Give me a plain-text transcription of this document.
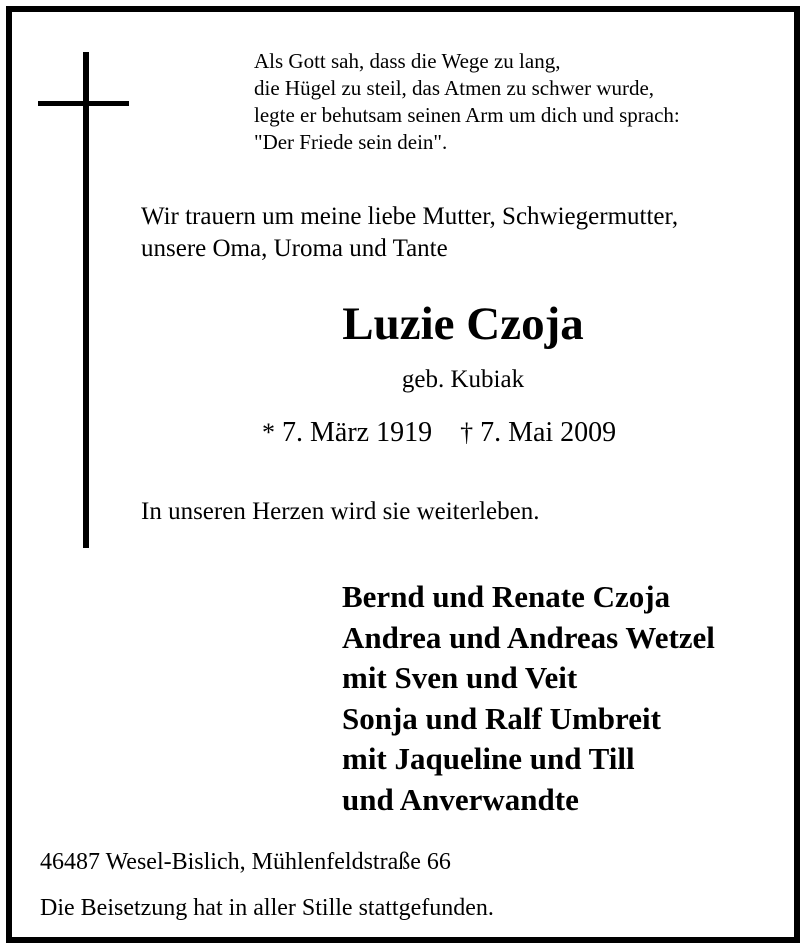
Als Gott sah, dass die Wege zu lang,
die Hügel zu steil, das Atmen zu schwer wurde,
legte er behutsam seinen Arm um dich und sprach:
"Der Friede sein dein".
Wir trauern um meine liebe Mutter, Schwiegermutter,
unsere Oma, Uroma und Tante
Luzie Czoja
geb. Kubiak
* 7. März 1919 † 7. Mai 2009
In unseren Herzen wird sie weiterleben.
Bernd und Renate Czoja
Andrea und Andreas Wetzel
mit Sven und Veit
Sonja und Ralf Umbreit
mit Jaqueline und Till
und Anverwandte
46487 Wesel-Bislich, Mühlenfeldstraße 66
Die Beisetzung hat in aller Stille stattgefunden.
